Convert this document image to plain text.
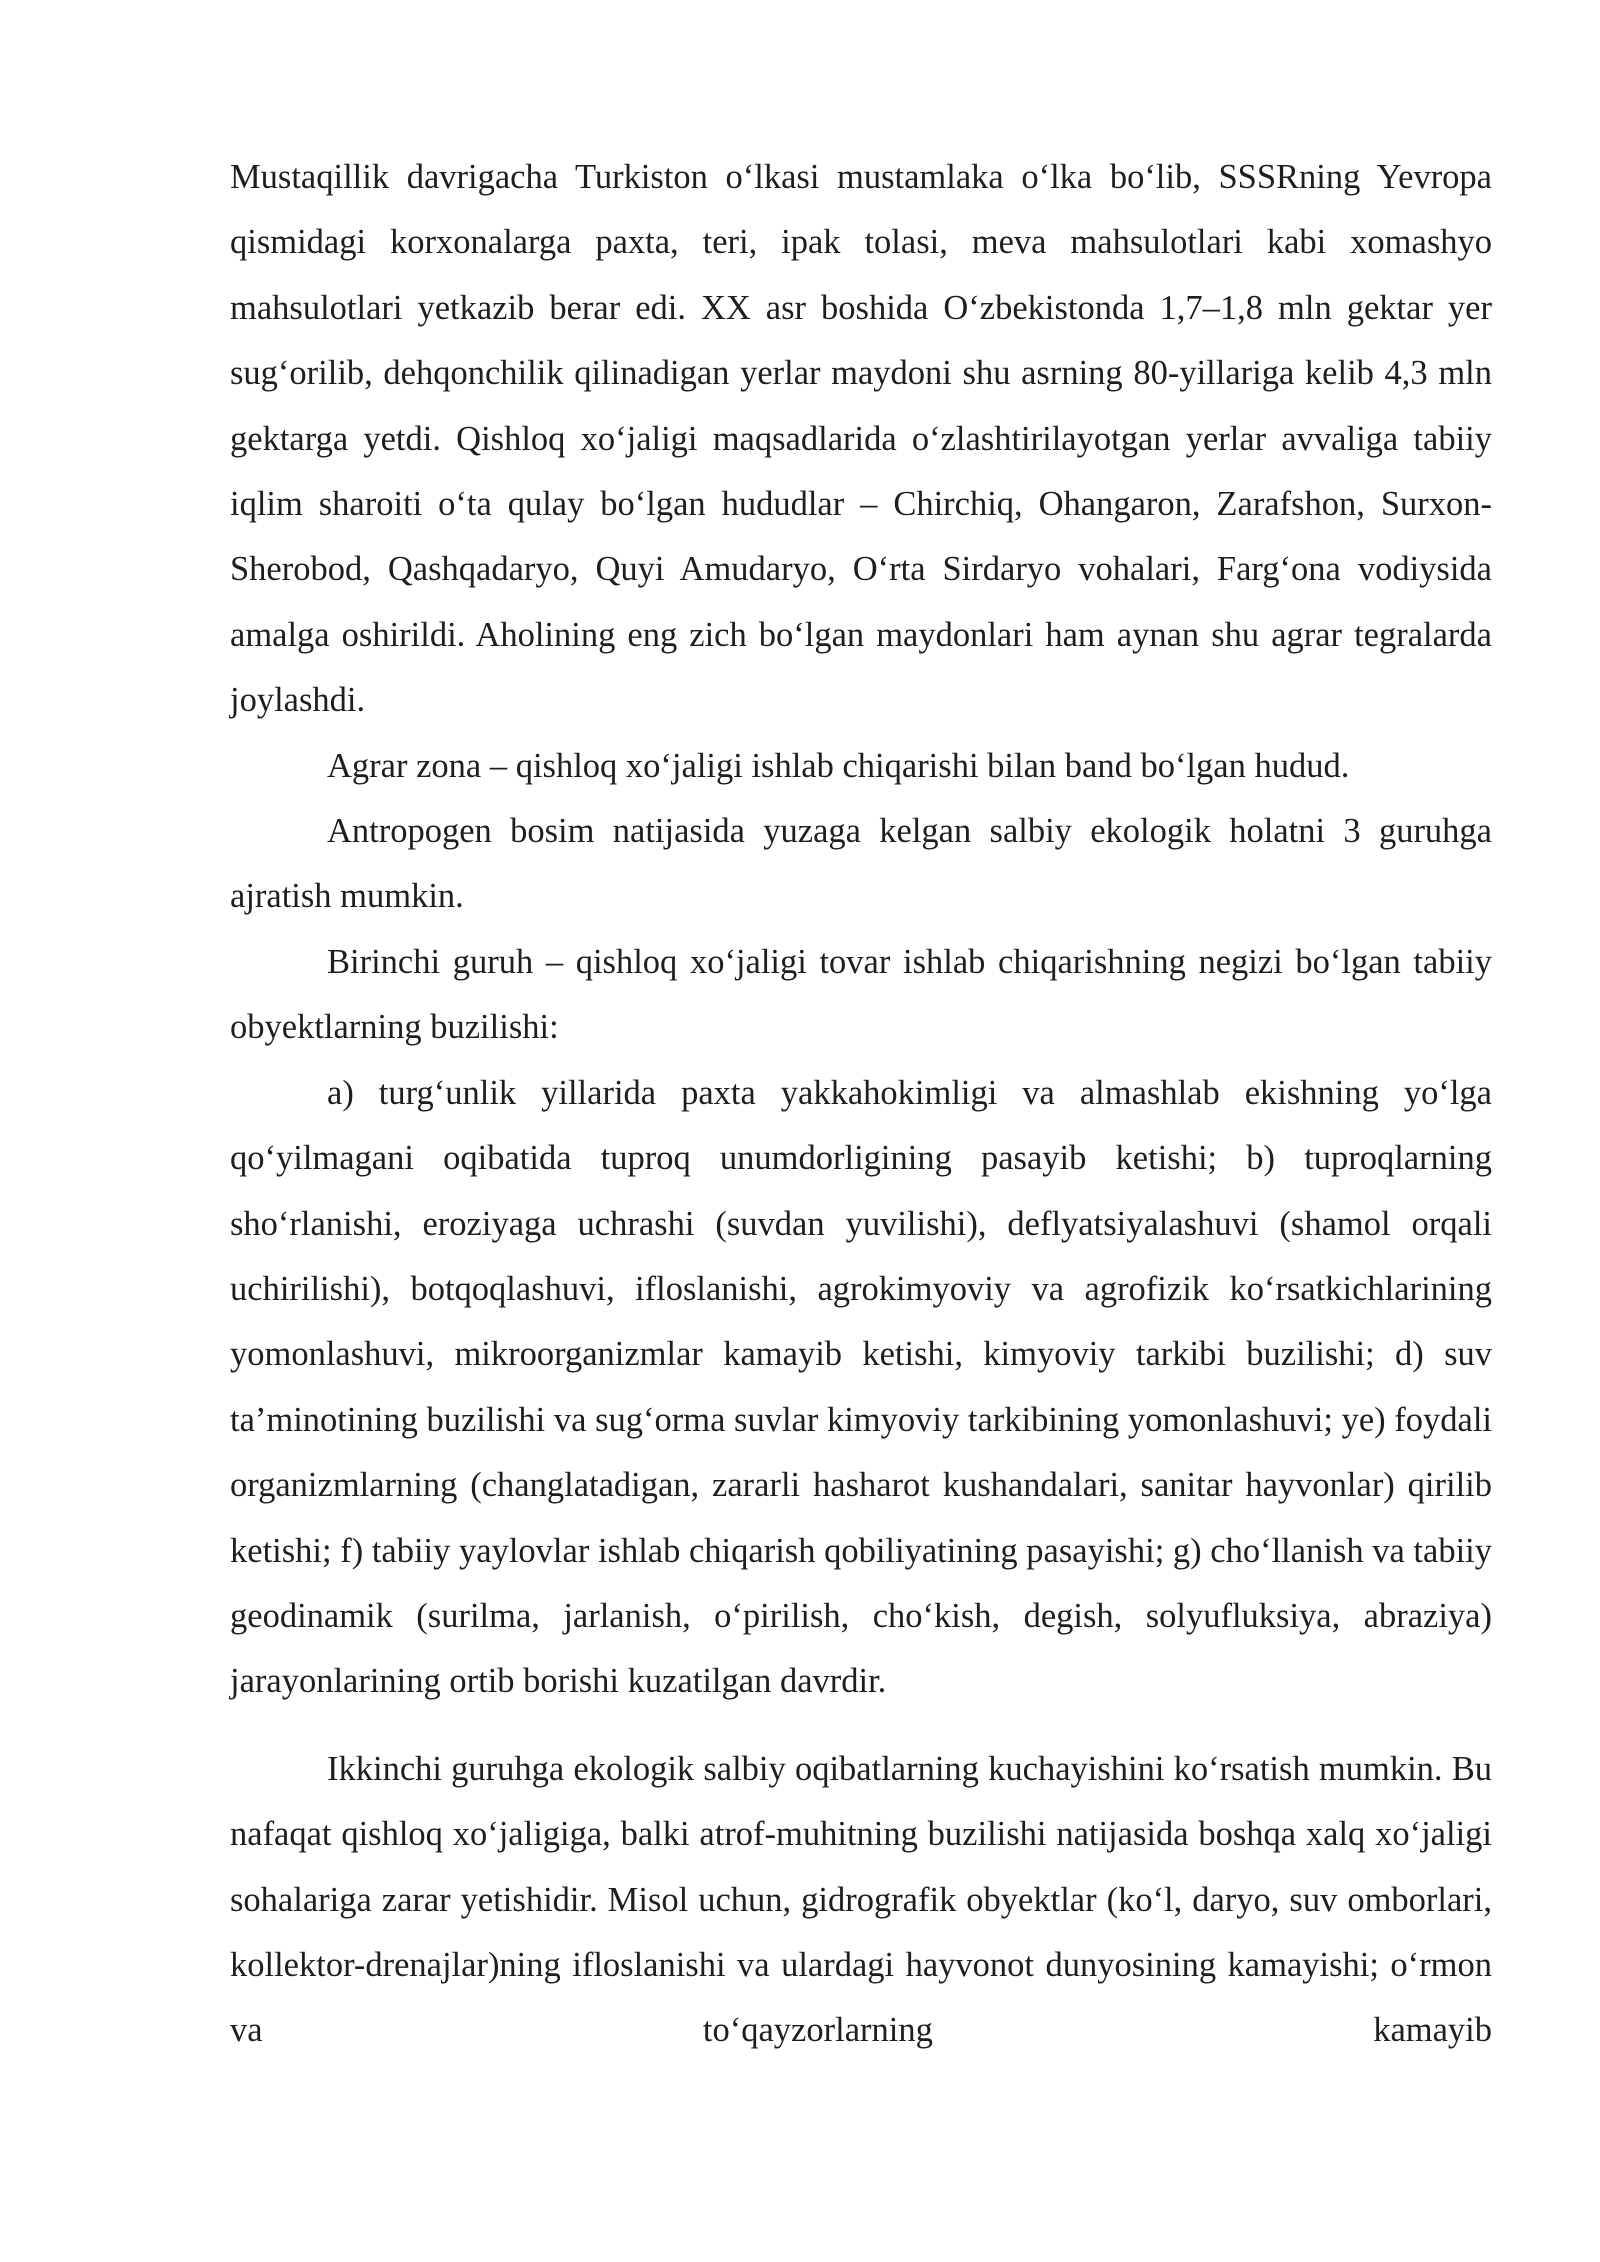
Mustaqillik davrigacha Turkiston o‘lkasi mustamlaka o‘lka bo‘lib, SSSRning Yevropa qismidagi korxonalarga paxta, teri, ipak tolasi, meva mahsulotlari kabi xomashyo mahsulotlari yetkazib berar edi. XX asr boshida O‘zbekistonda 1,7–1,8 mln gektar yer sug‘orilib, dehqonchilik qilinadigan yerlar maydoni shu asrning 80-yillariga kelib 4,3 mln gektarga yetdi. Qishloq xo‘jaligi maqsadlarida o‘zlashtirilayotgan yerlar avvaliga tabiiy iqlim sharoiti o‘ta qulay bo‘lgan hududlar – Chirchiq, Ohangaron, Zarafshon, Surxon-Sherobod, Qashqadaryo, Quyi Amudaryo, O‘rta Sirdaryo vohalari, Farg‘ona vodiysida amalga oshirildi. Aholining eng zich bo‘lgan maydonlari ham aynan shu agrar tegralarda joylashdi.

Agrar zona – qishloq xo‘jaligi ishlab chiqarishi bilan band bo‘lgan hudud.

Antropogen bosim natijasida yuzaga kelgan salbiy ekologik holatni 3 guruhga ajratish mumkin.

Birinchi guruh – qishloq xo‘jaligi tovar ishlab chiqarishning negizi bo‘lgan tabiiy obyektlarning buzilishi:

a) turg‘unlik yillarida paxta yakkahokimligi va almashlab ekishning yo‘lga qo‘yilmagani oqibatida tuproq unumdorligining pasayib ketishi; b) tuproqlarning sho‘rlanishi, eroziyaga uchrashi (suvdan yuvilishi), deflyatsiyalashuvi (shamol orqali uchirilishi), botqoqlashuvi, ifloslanishi, agrokimyoviy va agrofizik ko‘rsatkichlarining yomonlashuvi, mikroorganizmlar kamayib ketishi, kimyoviy tarkibi buzilishi; d) suv ta’minotining buzilishi va sug‘orma suvlar kimyoviy tarkibining yomonlashuvi; ye) foydali organizmlarning (changlatadigan, zararli hasharot kushandalari, sanitar hayvonlar) qirilib ketishi; f) tabiiy yaylovlar ishlab chiqarish qobiliyatining pasayishi; g) cho‘llanish va tabiiy geodinamik (surilma, jarlanish, o‘pirilish, cho‘kish, degish, solyufluksiya, abraziya) jarayonlarining ortib borishi kuzatilgan davrdir.

Ikkinchi guruhga ekologik salbiy oqibatlarning kuchayishini ko‘rsatish mumkin. Bu nafaqat qishloq xo‘jaligiga, balki atrof-muhitning buzilishi natijasida boshqa xalq xo‘jaligi sohalariga zarar yetishidir. Misol uchun, gidrografik obyektlar (ko‘l, daryo, suv omborlari, kollektor-drenajlar)ning ifloslanishi va ulardagi hayvonot dunyosining kamayishi; o‘rmon va to‘qayzorlarning kamayib
